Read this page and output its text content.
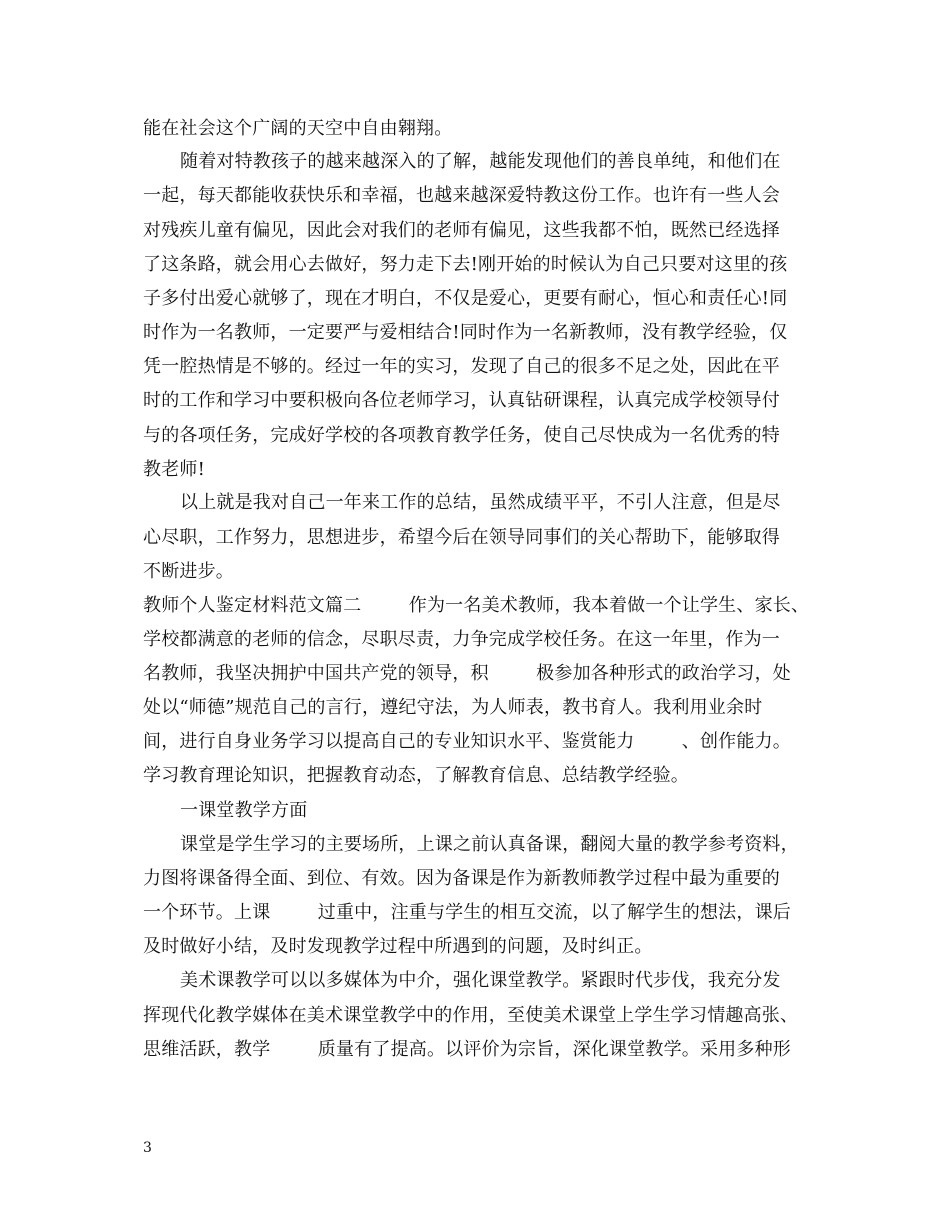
能在社会这个广阔的天空中自由翱翔。
随着对特教孩子的越来越深入的了解，越能发现他们的善良单纯，和他们在
一起，每天都能收获快乐和幸福，也越来越深爱特教这份工作。也许有一些人会
对残疾儿童有偏见，因此会对我们的老师有偏见，这些我都不怕，既然已经选择
了这条路，就会用心去做好，努力走下去!刚开始的时候认为自己只要对这里的孩
子多付出爱心就够了，现在才明白，不仅是爱心，更要有耐心，恒心和责任心!同
时作为一名教师，一定要严与爱相结合!同时作为一名新教师，没有教学经验，仅
凭一腔热情是不够的。经过一年的实习，发现了自己的很多不足之处，因此在平
时的工作和学习中要积极向各位老师学习，认真钻研课程，认真完成学校领导付
与的各项任务，完成好学校的各项教育教学任务，使自己尽快成为一名优秀的特
教老师!
以上就是我对自己一年来工作的总结，虽然成绩平平，不引人注意，但是尽
心尽职，工作努力，思想进步，希望今后在领导同事们的关心帮助下，能够取得
不断进步。
教师个人鉴定材料范文篇二        作为一名美术教师，我本着做一个让学生、家长、
学校都满意的老师的信念，尽职尽责，力争完成学校任务。在这一年里，作为一
名教师，我坚决拥护中国共产党的领导，积        极参加各种形式的政治学习，处
处以“师德”规范自己的言行，遵纪守法，为人师表，教书育人。我利用业余时
间，进行自身业务学习以提高自己的专业知识水平、鉴赏能力        、创作能力。
学习教育理论知识，把握教育动态，了解教育信息、总结教学经验。
一课堂教学方面
课堂是学生学习的主要场所，上课之前认真备课，翻阅大量的教学参考资料，
力图将课备得全面、到位、有效。因为备课是作为新教师教学过程中最为重要的
一个环节。上课        过重中，注重与学生的相互交流，以了解学生的想法，课后
及时做好小结，及时发现教学过程中所遇到的问题，及时纠正。
美术课教学可以以多媒体为中介，强化课堂教学。紧跟时代步伐，我充分发
挥现代化教学媒体在美术课堂教学中的作用，至使美术课堂上学生学习情趣高张、
思维活跃，教学        质量有了提高。以评价为宗旨，深化课堂教学。采用多种形
3
